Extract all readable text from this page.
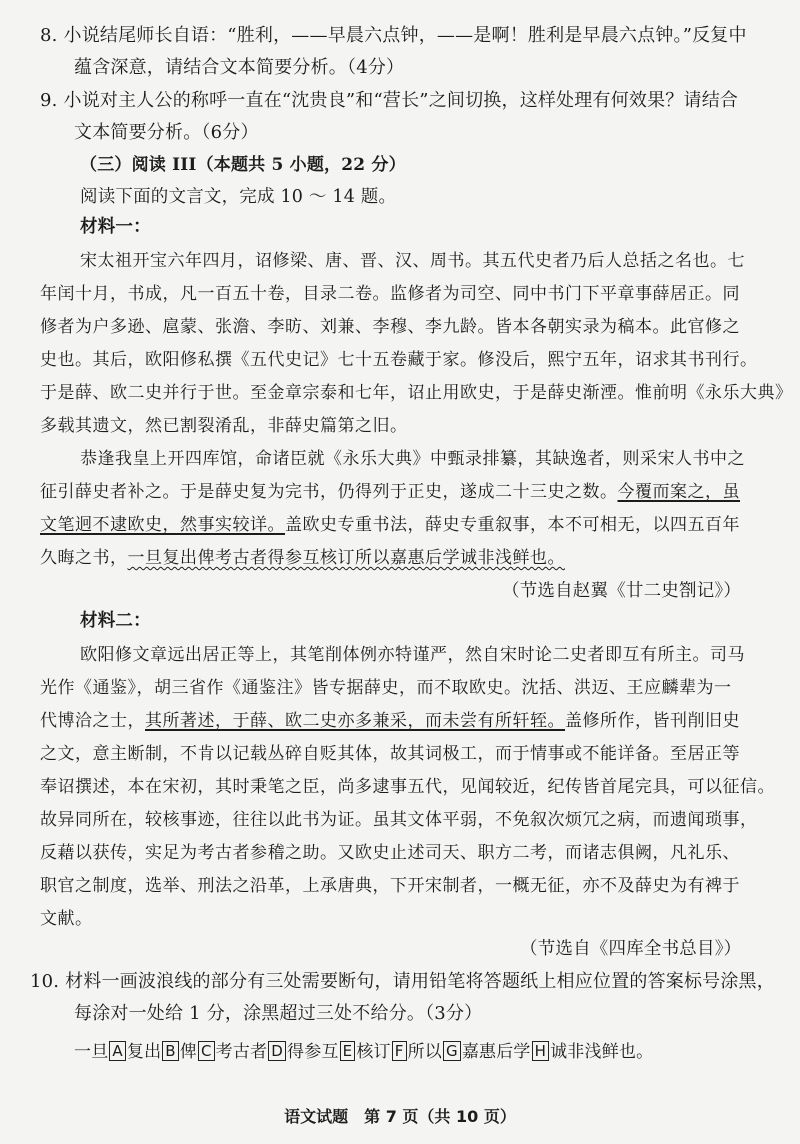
8. 小说结尾师长自语：“胜利，——早晨六点钟，——是啊！胜利是早晨六点钟。”反复中
蕴含深意，请结合文本简要分析。（4分）
9. 小说对主人公的称呼一直在“沈贵良”和“营长”之间切换，这样处理有何效果？请结合
文本简要分析。（6分）
（三）阅读 III（本题共 5 小题，22 分）
阅读下面的文言文，完成 10 ～ 14 题。
材料一：
宋太祖开宝六年四月，诏修梁、唐、晋、汉、周书。其五代史者乃后人总括之名也。七
年闰十月，书成，凡一百五十卷，目录二卷。监修者为司空、同中书门下平章事薛居正。同
修者为户多逊、扈蒙、张澹、李昉、刘兼、李穆、李九龄。皆本各朝实录为稿本。此官修之
史也。其后，欧阳修私撰《五代史记》七十五卷藏于家。修没后，熙宁五年，诏求其书刊行。
于是薛、欧二史并行于世。至金章宗泰和七年，诏止用欧史，于是薛史渐湮。惟前明《永乐大典》
多载其遗文，然已割裂淆乱，非薛史篇第之旧。
恭逢我皇上开四库馆，命诸臣就《永乐大典》中甄录排纂，其缺逸者，则采宋人书中之
征引薛史者补之。于是薛史复为完书，仍得列于正史，遂成二十三史之数。今覆而案之，虽
文笔迥不逮欧史，然事实较详。盖欧史专重书法，薛史专重叙事，本不可相无，以四五百年
久晦之书，一旦复出俾考古者得参互核订所以嘉惠后学诚非浅鲜也。
（节选自赵翼《廿二史劄记》）
材料二：
欧阳修文章远出居正等上，其笔削体例亦特谨严，然自宋时论二史者即互有所主。司马
光作《通鉴》，胡三省作《通鉴注》皆专据薛史，而不取欧史。沈括、洪迈、王应麟辈为一
代博洽之士，其所著述，于薛、欧二史亦多兼采，而未尝有所轩轾。盖修所作，皆刊削旧史
之文，意主断制，不肯以记载丛碎自贬其体，故其词极工，而于情事或不能详备。至居正等
奉诏撰述，本在宋初，其时秉笔之臣，尚多逮事五代，见闻较近，纪传皆首尾完具，可以征信。
故异同所在，较核事迹，往往以此书为证。虽其文体平弱，不免叙次烦冗之病，而遗闻琐事，
反藉以获传，实足为考古者参稽之助。又欧史止述司天、职方二考，而诸志俱阙，凡礼乐、
职官之制度，选举、刑法之沿革，上承唐典，下开宋制者，一概无征，亦不及薛史为有裨于
文献。
（节选自《四库全书总目》）
10. 材料一画波浪线的部分有三处需要断句，请用铅笔将答题纸上相应位置的答案标号涂黑，
每涂对一处给 1 分，涂黑超过三处不给分。（3分）
一旦 A 复出 B 俾 C 考古者 D 得参互 E 核订 F 所以 G 嘉惠后学 H 诚非浅鲜也。
语文试题　第 7 页（共 10 页）
